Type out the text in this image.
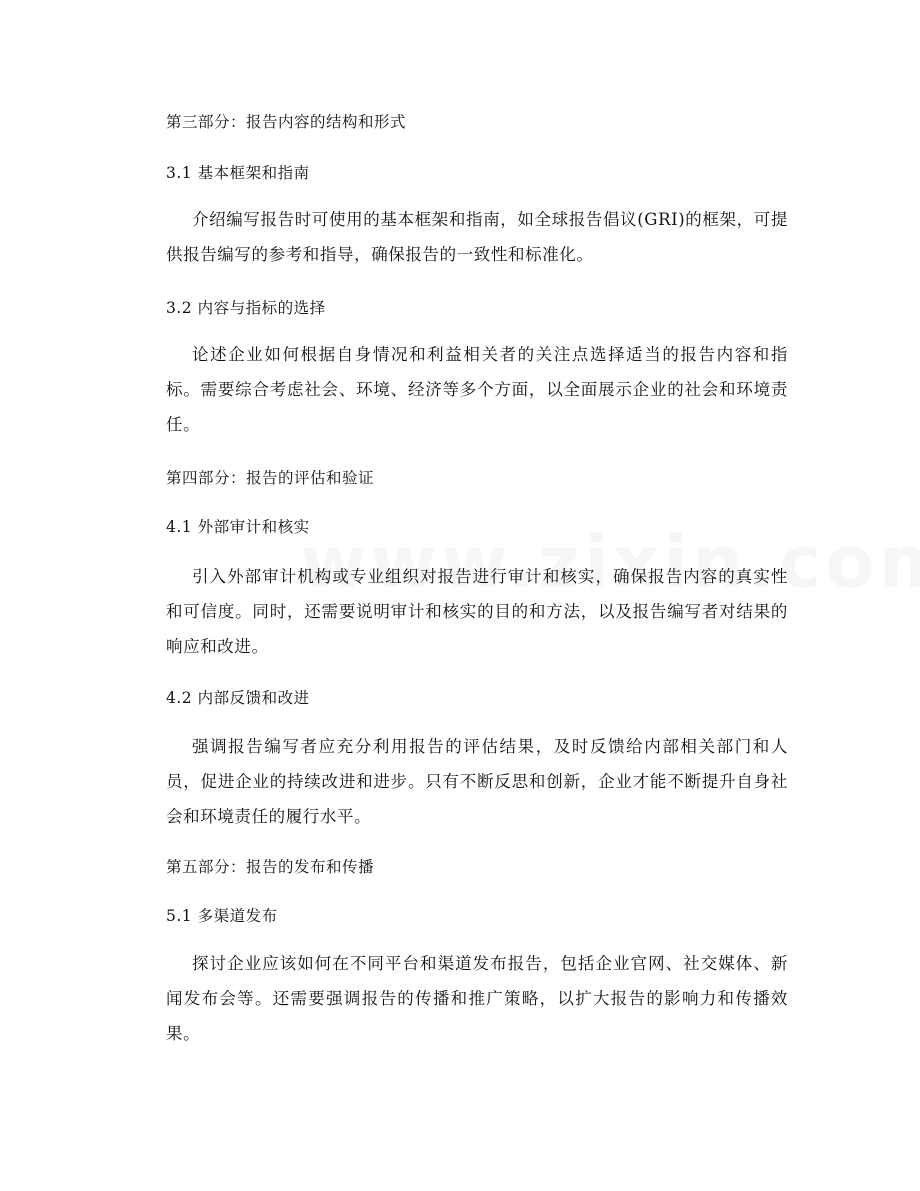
第三部分：报告内容的结构和形式
3.1 基本框架和指南
介绍编写报告时可使用的基本框架和指南，如全球报告倡议(GRI)的框架，可提供报告编写的参考和指导，确保报告的一致性和标准化。
3.2 内容与指标的选择
论述企业如何根据自身情况和利益相关者的关注点选择适当的报告内容和指标。需要综合考虑社会、环境、经济等多个方面，以全面展示企业的社会和环境责任。
第四部分：报告的评估和验证
4.1 外部审计和核实
引入外部审计机构或专业组织对报告进行审计和核实，确保报告内容的真实性和可信度。同时，还需要说明审计和核实的目的和方法，以及报告编写者对结果的响应和改进。
4.2 内部反馈和改进
强调报告编写者应充分利用报告的评估结果，及时反馈给内部相关部门和人员，促进企业的持续改进和进步。只有不断反思和创新，企业才能不断提升自身社会和环境责任的履行水平。
第五部分：报告的发布和传播
5.1 多渠道发布
探讨企业应该如何在不同平台和渠道发布报告，包括企业官网、社交媒体、新闻发布会等。还需要强调报告的传播和推广策略，以扩大报告的影响力和传播效果。
